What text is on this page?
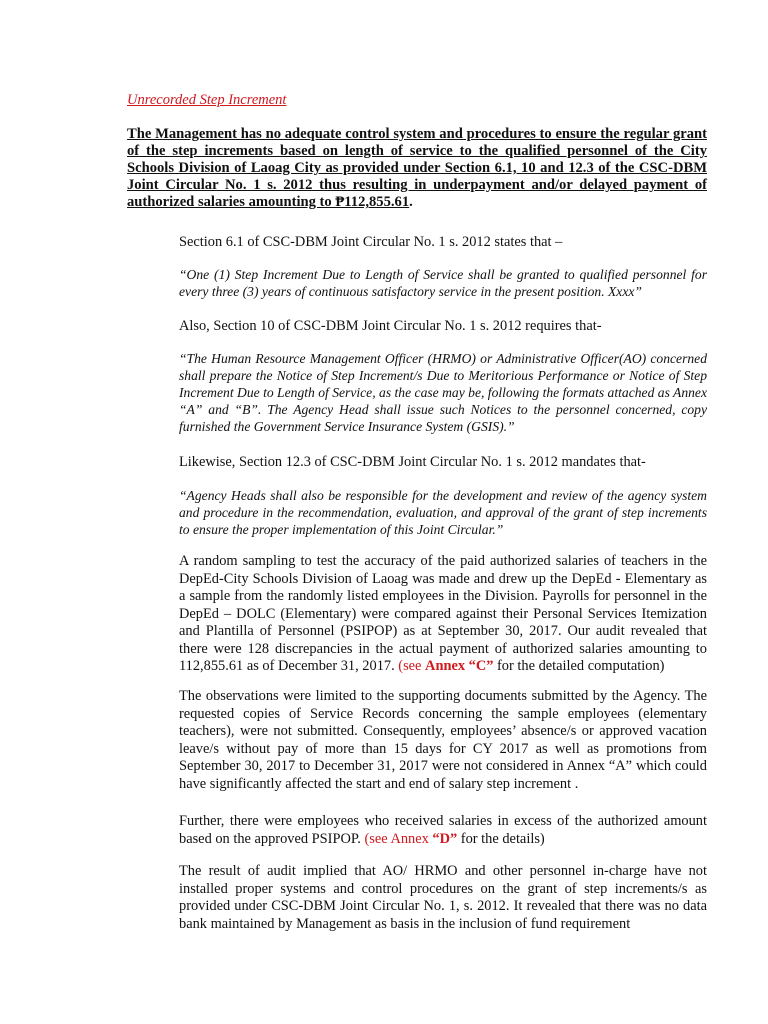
Unrecorded Step Increment
The Management has no adequate control system and procedures to ensure the regular grant of the step increments based on length of service to the qualified personnel of the City Schools Division of Laoag City as provided under Section 6.1, 10 and 12.3 of the CSC-DBM Joint Circular No. 1 s. 2012 thus resulting in underpayment and/or delayed payment of authorized salaries amounting to ₱112,855.61.
Section 6.1 of CSC-DBM Joint Circular No. 1 s. 2012 states that –
“One (1) Step Increment Due to Length of Service shall be granted to qualified personnel for every three (3) years of continuous satisfactory service in the present position. Xxxx”
Also, Section 10 of CSC-DBM Joint Circular No. 1 s. 2012 requires that-
“The Human Resource Management Officer (HRMO) or Administrative Officer(AO) concerned shall prepare the Notice of Step Increment/s Due to Meritorious Performance or Notice of Step Increment Due to Length of Service, as the case may be, following the formats attached as Annex “A” and “B”. The Agency Head shall issue such Notices to the personnel concerned, copy furnished the Government Service Insurance System (GSIS).”
Likewise, Section 12.3 of CSC-DBM Joint Circular No. 1 s. 2012 mandates that-
“Agency Heads shall also be responsible for the development and review of the agency system and procedure in the recommendation, evaluation, and approval of the grant of step increments to ensure the proper implementation of this Joint Circular.”
A random sampling to test the accuracy of the paid authorized salaries of teachers in the DepEd-City Schools Division of Laoag was made and drew up the DepEd - Elementary as a sample from the randomly listed employees in the Division. Payrolls for personnel in the DepEd – DOLC (Elementary) were compared against their Personal Services Itemization and Plantilla of Personnel (PSIPOP) as at September 30, 2017. Our audit revealed that there were 128 discrepancies in the actual payment of authorized salaries amounting to 112,855.61 as of December 31, 2017. (see Annex “C” for the detailed computation)
The observations were limited to the supporting documents submitted by the Agency. The requested copies of Service Records concerning the sample employees (elementary teachers), were not submitted. Consequently, employees’ absence/s or approved vacation leave/s without pay of more than 15 days for CY 2017 as well as promotions from September 30, 2017 to December 31, 2017 were not considered in Annex “A” which could have significantly affected the start and end of salary step increment .
Further, there were employees who received salaries in excess of the authorized amount based on the approved PSIPOP. (see Annex “D” for the details)
The result of audit implied that AO/ HRMO and other personnel in-charge have not installed proper systems and control procedures on the grant of step increments/s as provided under CSC-DBM Joint Circular No. 1, s. 2012. It revealed that there was no data bank maintained by Management as basis in the inclusion of fund requirement
